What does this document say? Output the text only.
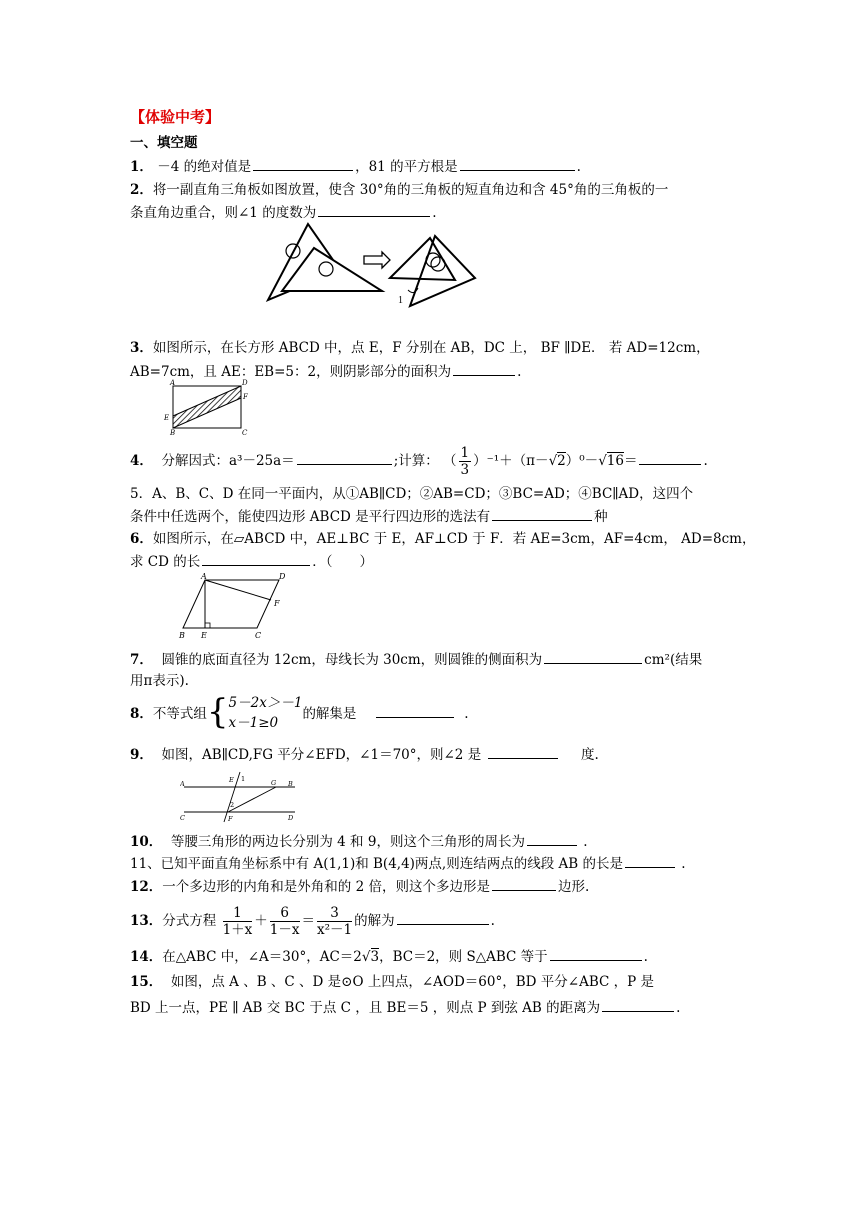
【体验中考】
一、填空题
1． －4 的绝对值是	，81 的平方根是	.
2．将一副直角三角板如图放置，使含 30°角的三角板的短直角边和含 45°角的三角板的一
条直角边重合，则∠1 的度数为	.
1
3．如图所示，在长方形 ABCD 中，点 E，F 分别在 AB，DC 上， BF ∥DE． 若 AD=12cm，
AB=7cm，且 AE：EB=5：2，则阴影部分的面积为	.
A	D
E
F
B	C
4． 分解因式：a³－25a＝	;计算： （ $\frac{1}{3} )^{-1}+(\pi-√2)^0-√16=$	.
5．A、B、C、D 在同一平面内，从①AB∥CD；②AB=CD；③BC=AD；④BC∥AD，这四个
条件中任选两个，能使四边形 ABCD 是平行四边形的选法有	种
6．如图所示，在▱ABCD 中，AE⊥BC 于 E，AF⊥CD 于 F．若 AE=3cm，AF=4cm， AD=8cm，
求 CD 的长	．（　　）
A	D
F
B E	C
7． 圆锥的底面直径为 12cm，母线长为 30cm，则圆锥的侧面积为	cm²(结果
用π表示).
8．不等式组{ 5－2x＞－1
x－1≥0
的解集是	.
9． 如图，AB∥CD,FG 平分∠EFD，∠1＝70°，则∠2 是	度.
A	B
C	D
E 1	G
2
F
10． 等腰三角形的两边长分别为 4 和 9，则这个三角形的周长为	.
11、已知平面直角坐标系中有 A(1,1)和 B(4,4)两点,则连结两点的线段 AB 的长是	.
12．一个多边形的内角和是外角和的 2 倍，则这个多边形是	边形.
13．分式方程 $\frac{1}{1+x} + \frac{6}{1-x} = \frac{3}{\text{x²－1}}$ 的解为	.
14．在△ABC 中，∠A＝30°，AC＝2√3，BC＝2，则 S△ABC 等于	.
15． 如图，点 A 、B 、C 、D 是⊙O 上四点，∠AOD＝60°，BD 平分∠ABC ，P 是
BD 上一点，PE ∥ AB 交 BC 于点 C ，且 BE＝5 ，则点 P 到弦 AB 的距离为	.
